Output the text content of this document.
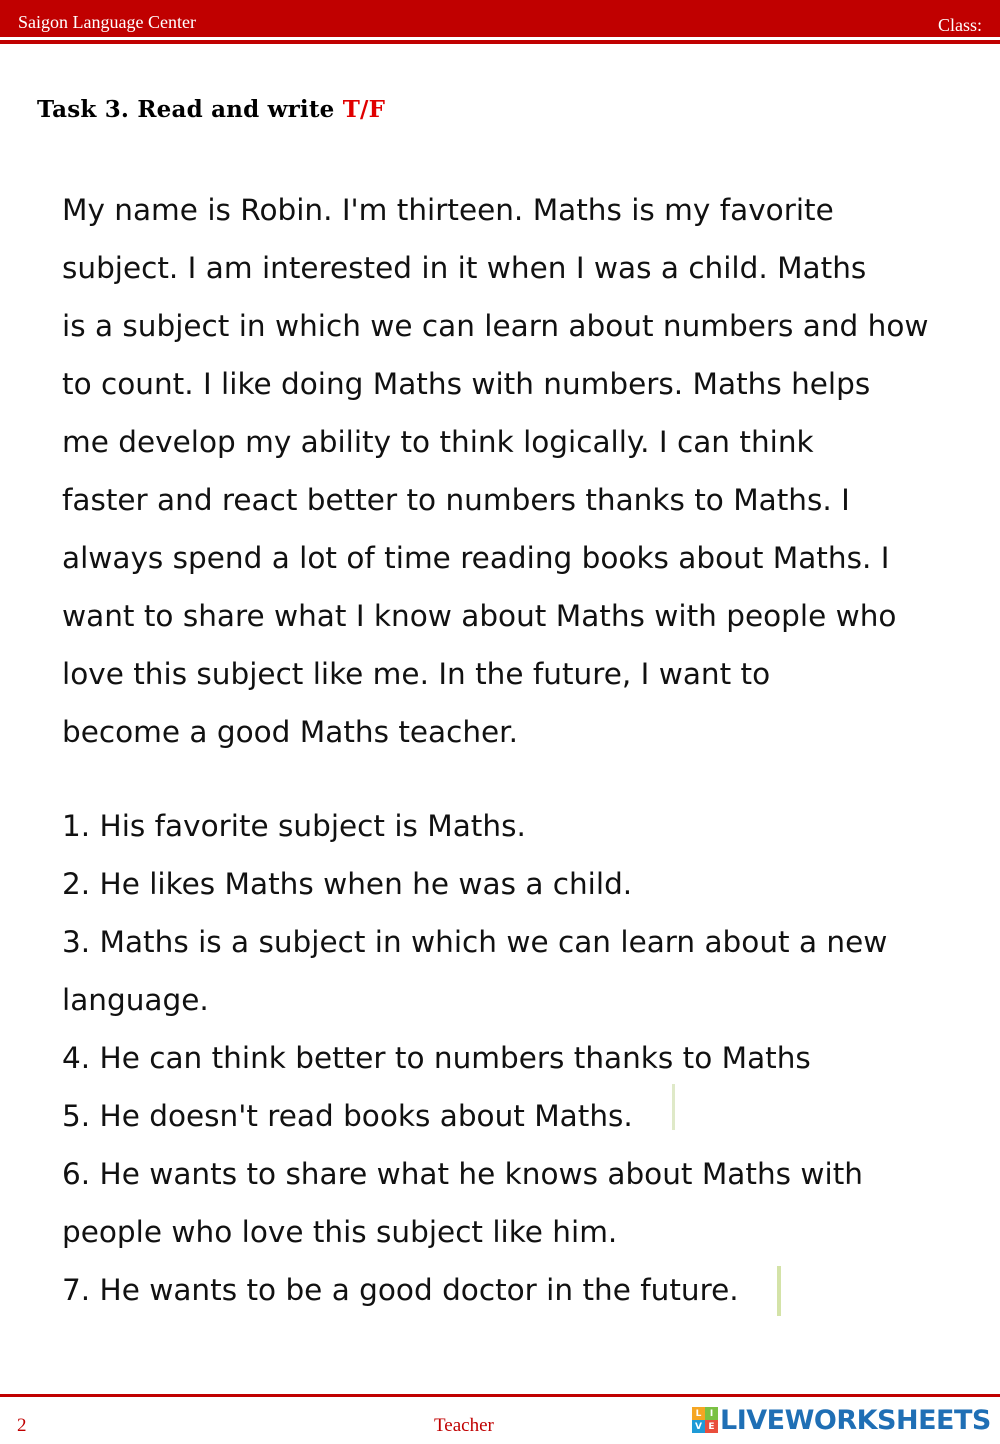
Saigon Language Center	Class:
Task 3. Read and write T/F
My name is Robin. I'm thirteen. Maths is my favorite
subject. I am interested in it when I was a child. Maths
is a subject in which we can learn about numbers and how
to count. I like doing Maths with numbers. Maths helps
me develop my ability to think logically. I can think
faster and react better to numbers thanks to Maths. I
always spend a lot of time reading books about Maths. I
want to share what I know about Maths with people who
love this subject like me. In the future, I want to
become a good Maths teacher.
1. His favorite subject is Maths.
2. He likes Maths when he was a child.
3. Maths is a subject in which we can learn about a new
language.
4. He can think better to numbers thanks to Maths
5. He doesn't read books about Maths.
6. He wants to share what he knows about Maths with
people who love this subject like him.
7. He wants to be a good doctor in the future.
2	Teacher
L I
V E LIVEWORKSHEETS
